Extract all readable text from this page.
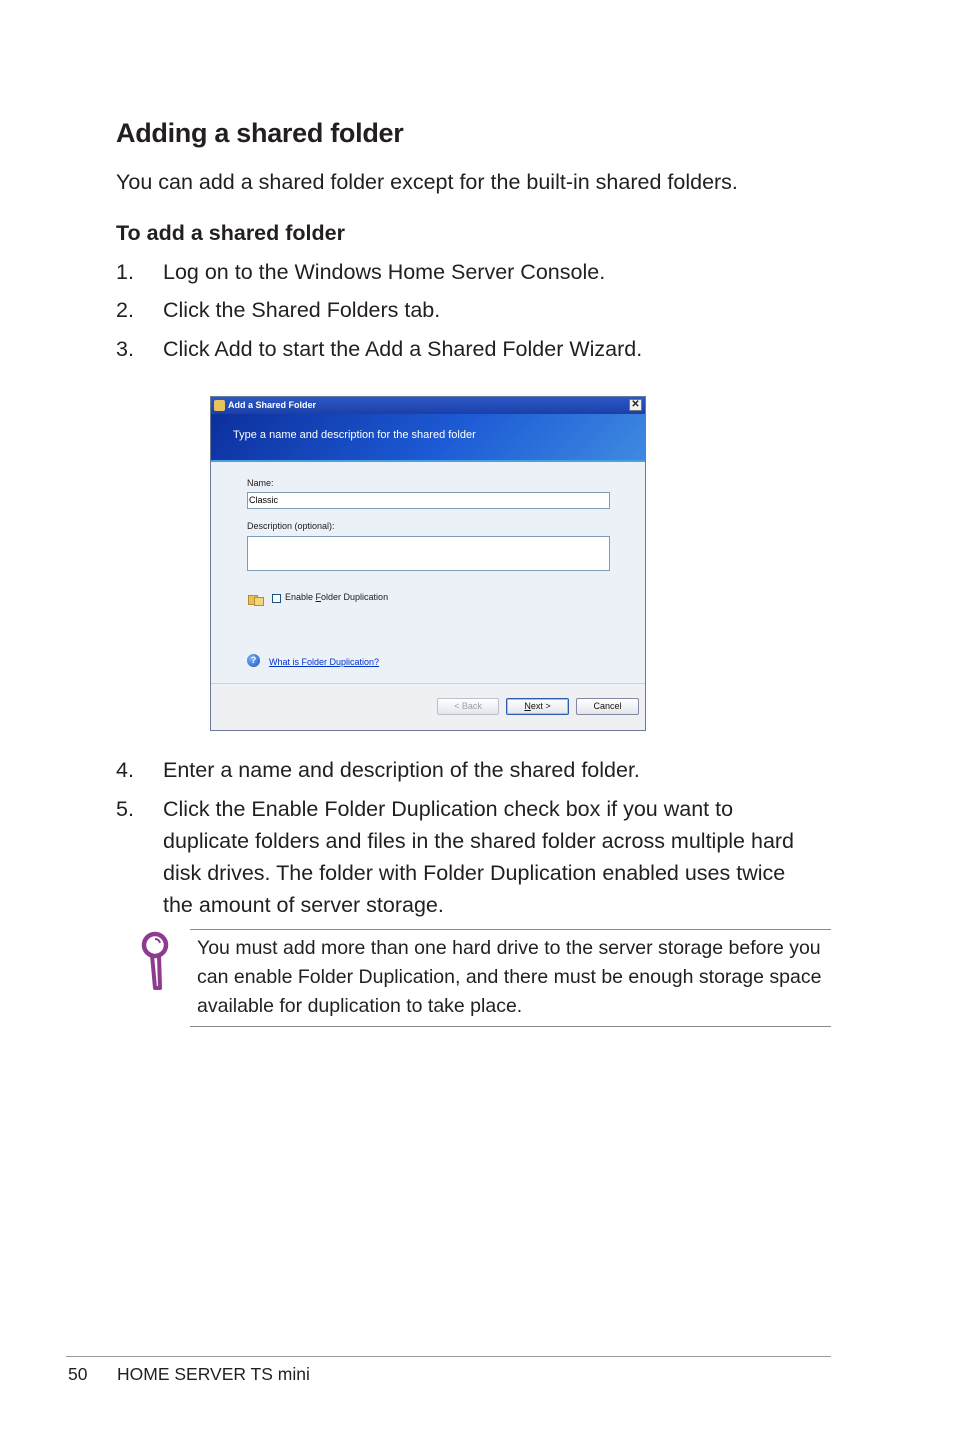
Adding a shared folder
You can add a shared folder except for the built-in shared folders.
To add a shared folder
1. Log on to the Windows Home Server Console.
2. Click the Shared Folders tab.
3. Click Add to start the Add a Shared Folder Wizard.
Add a Shared Folder	✕
Type a name and description for the shared folder
Name:
Classic
Description (optional):
Enable Folder Duplication
?	What is Folder Duplication?
< Back	Next >	Cancel
4. Enter a name and description of the shared folder.
5. Click the Enable Folder Duplication check box if you want to duplicate folders and files in the shared folder across multiple hard disk drives. The folder with Folder Duplication enabled uses twice the amount of server storage.
You must add more than one hard drive to the server storage before you can enable Folder Duplication, and there must be enough storage space available for duplication to take place.
50 HOME SERVER TS mini
